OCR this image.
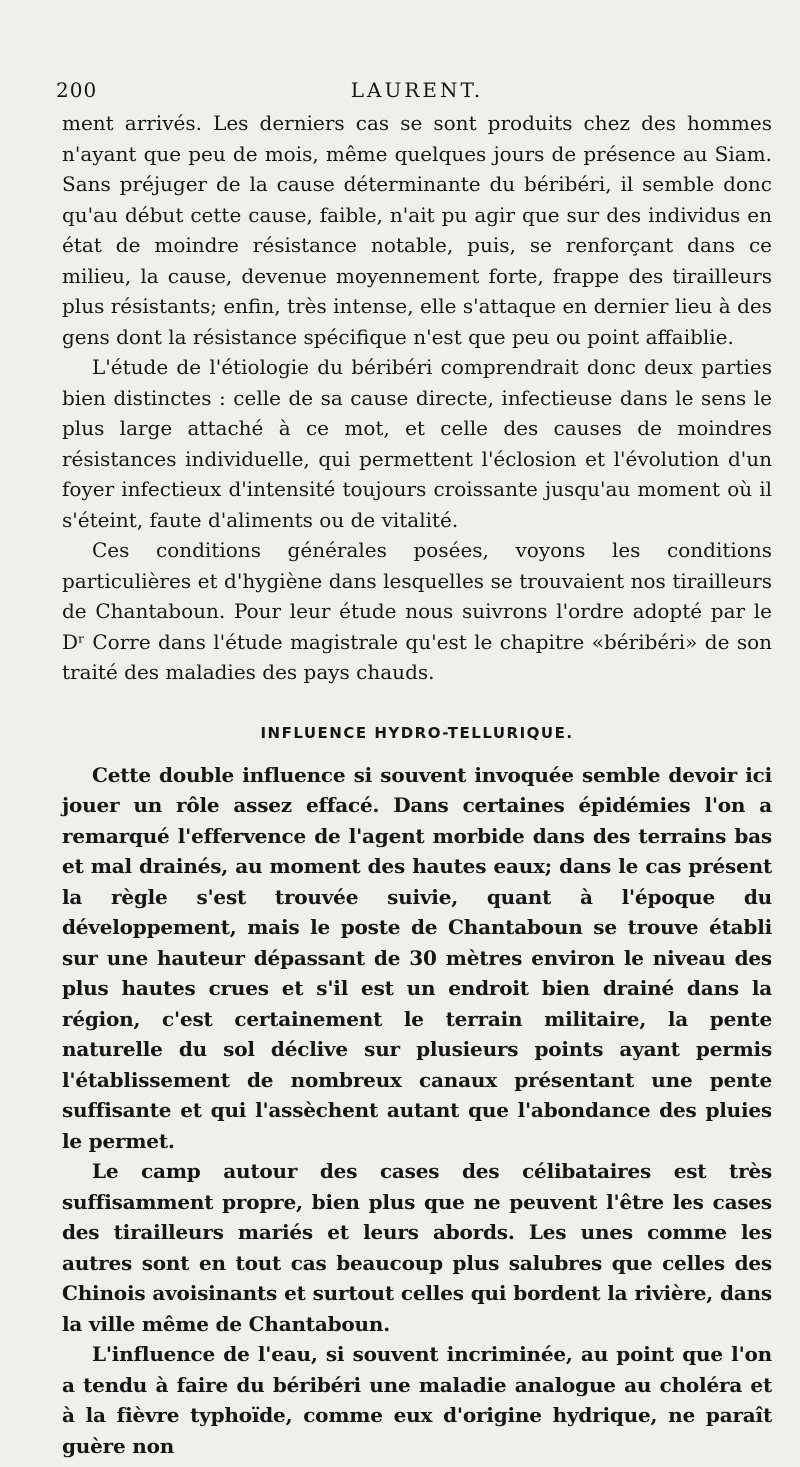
200	LAURENT.

ment arrivés. Les derniers cas se sont produits chez des hommes n'ayant que peu de mois, même quelques jours de présence au Siam. Sans préjuger de la cause déterminante du béribéri, il semble donc qu'au début cette cause, faible, n'ait pu agir que sur des individus en état de moindre résistance notable, puis, se renforçant dans ce milieu, la cause, devenue moyennement forte, frappe des tirailleurs plus résistants; enfin, très intense, elle s'attaque en dernier lieu à des gens dont la résistance spécifique n'est que peu ou point affaiblie.

L'étude de l'étiologie du béribéri comprendrait donc deux parties bien distinctes : celle de sa cause directe, infectieuse dans le sens le plus large attaché à ce mot, et celle des causes de moindres résistances individuelle, qui permettent l'éclosion et l'évolution d'un foyer infectieux d'intensité toujours croissante jusqu'au moment où il s'éteint, faute d'aliments ou de vitalité.

Ces conditions générales posées, voyons les conditions particulières et d'hygiène dans lesquelles se trouvaient nos tirailleurs de Chantaboun. Pour leur étude nous suivrons l'ordre adopté par le Dʳ Corre dans l'étude magistrale qu'est le chapitre «béribéri» de son traité des maladies des pays chauds.

INFLUENCE HYDRO-TELLURIQUE.

Cette double influence si souvent invoquée semble devoir ici jouer un rôle assez effacé. Dans certaines épidémies l'on a remarqué l'effervence de l'agent morbide dans des terrains bas et mal drainés, au moment des hautes eaux; dans le cas présent la règle s'est trouvée suivie, quant à l'époque du développement, mais le poste de Chantaboun se trouve établi sur une hauteur dépassant de 30 mètres environ le niveau des plus hautes crues et s'il est un endroit bien drainé dans la région, c'est certainement le terrain militaire, la pente naturelle du sol déclive sur plusieurs points ayant permis l'établissement de nombreux canaux présentant une pente suffisante et qui l'assèchent autant que l'abondance des pluies le permet.

Le camp autour des cases des célibataires est très suffisamment propre, bien plus que ne peuvent l'être les cases des tirailleurs mariés et leurs abords. Les unes comme les autres sont en tout cas beaucoup plus salubres que celles des Chinois avoisinants et surtout celles qui bordent la rivière, dans la ville même de Chantaboun.

L'influence de l'eau, si souvent incriminée, au point que l'on a tendu à faire du béribéri une maladie analogue au choléra et à la fièvre typhoïde, comme eux d'origine hydrique, ne paraît guère non
